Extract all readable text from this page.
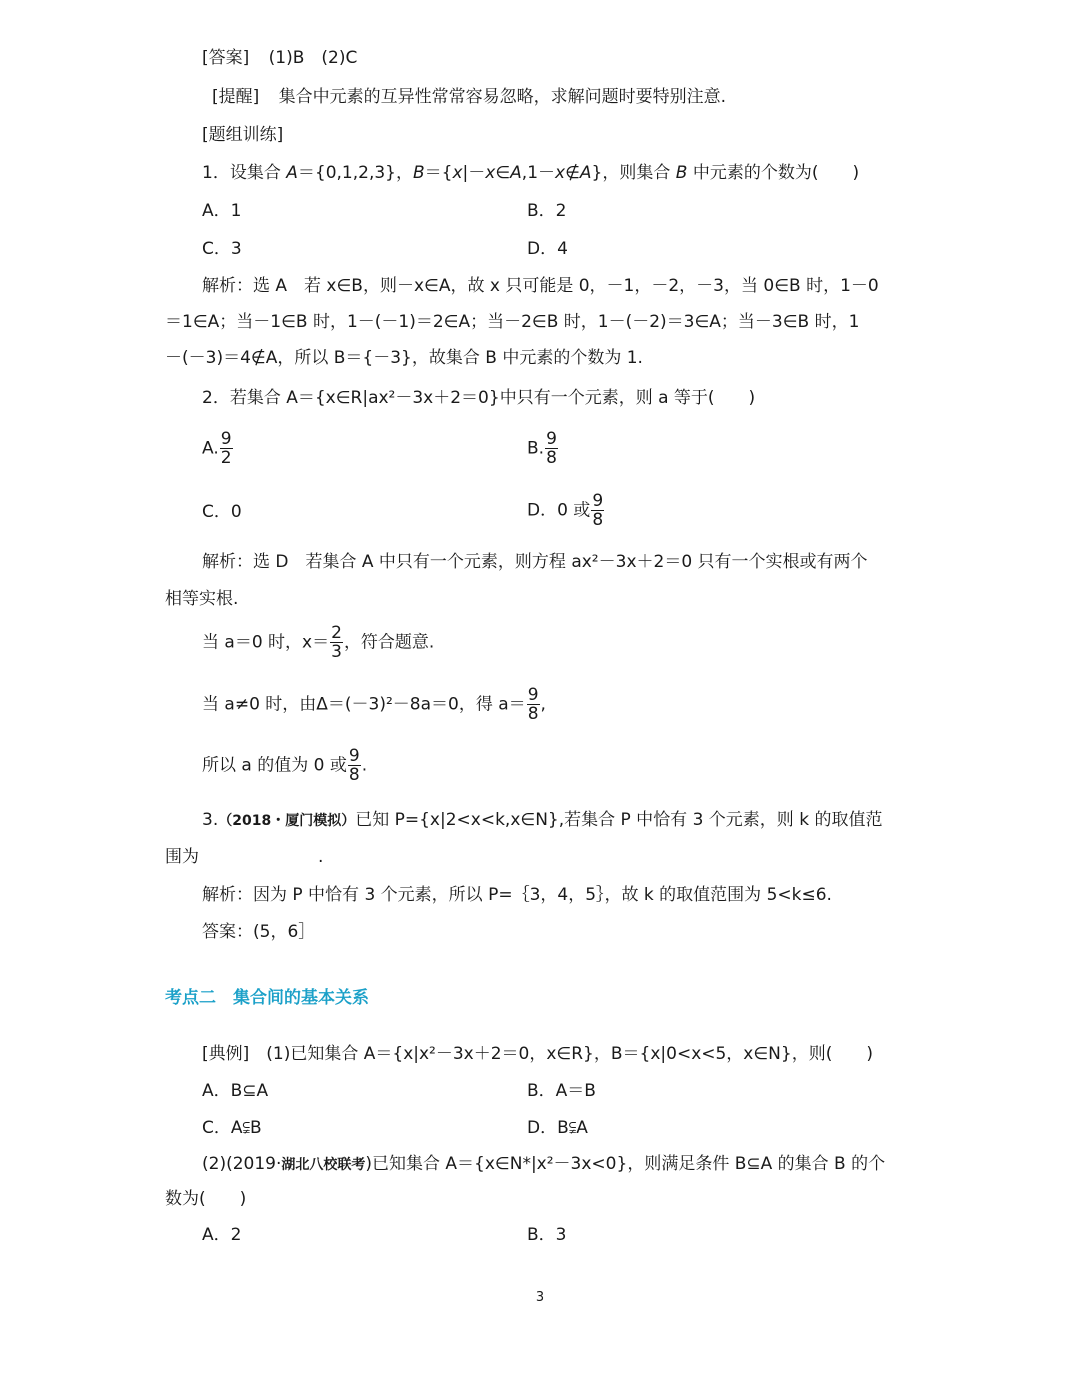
[答案] (1)B　(2)C
[提醒] 集合中元素的互异性常常容易忽略，求解问题时要特别注意.
[题组训练]
1．设集合 A＝{0,1,2,3}，B＝{x|－x∈A,1－x∉A}，则集合 B 中元素的个数为(　　)
A．1	B．2
C．3	D．4
解析：选 A　若 x∈B，则－x∈A，故 x 只可能是 0，－1，－2，－3，当 0∈B 时，1－0
＝1∈A；当－1∈B 时，1－(－1)＝2∈A；当－2∈B 时，1－(－2)＝3∈A；当－3∈B 时，1
－(－3)＝4∉A，所以 B＝{－3}，故集合 B 中元素的个数为 1.
2．若集合 A＝{x∈R|ax²－3x＋2＝0}中只有一个元素，则 a 等于(　　)
A. $\frac{9}{2}$	B. $\frac{9}{8}$
C．0	D．0 或 $\frac{9}{8}$
解析：选 D　若集合 A 中只有一个元素，则方程 ax²－3x＋2＝0 只有一个实根或有两个
相等实根.
当 a＝0 时，$x= \frac{2}{3}$ ，符合题意.
当 a≠0 时，由Δ＝(－3)²－8a＝0，得 $a= \frac{9}{8}$ ,
所以 a 的值为 0 或 $\frac{9}{8}$ .
3.（2018・厦门模拟）已知 P={x|2<x<k,x∈N},若集合 P 中恰有 3 个元素，则 k 的取值范
围为　　　　　　　.
解析：因为 P 中恰有 3 个元素，所以 P=｛3，4，5｝，故 k 的取值范围为 5<k≤6.
答案：(5，6］
考点二　集合间的基本关系
[典例]　(1)已知集合 A＝{x|x²－3x＋2＝0，x∈R}，B＝{x|0<x<5，x∈N}，则(　　)
A．B⊆A	B．A＝B
C．A⫋B	D．B⫋A
(2)(2019·湖北八校联考)已知集合 A＝{x∈N*|x²－3x<0}，则满足条件 B⊆A 的集合 B 的个
数为(　　)
A．2	B．3
3
